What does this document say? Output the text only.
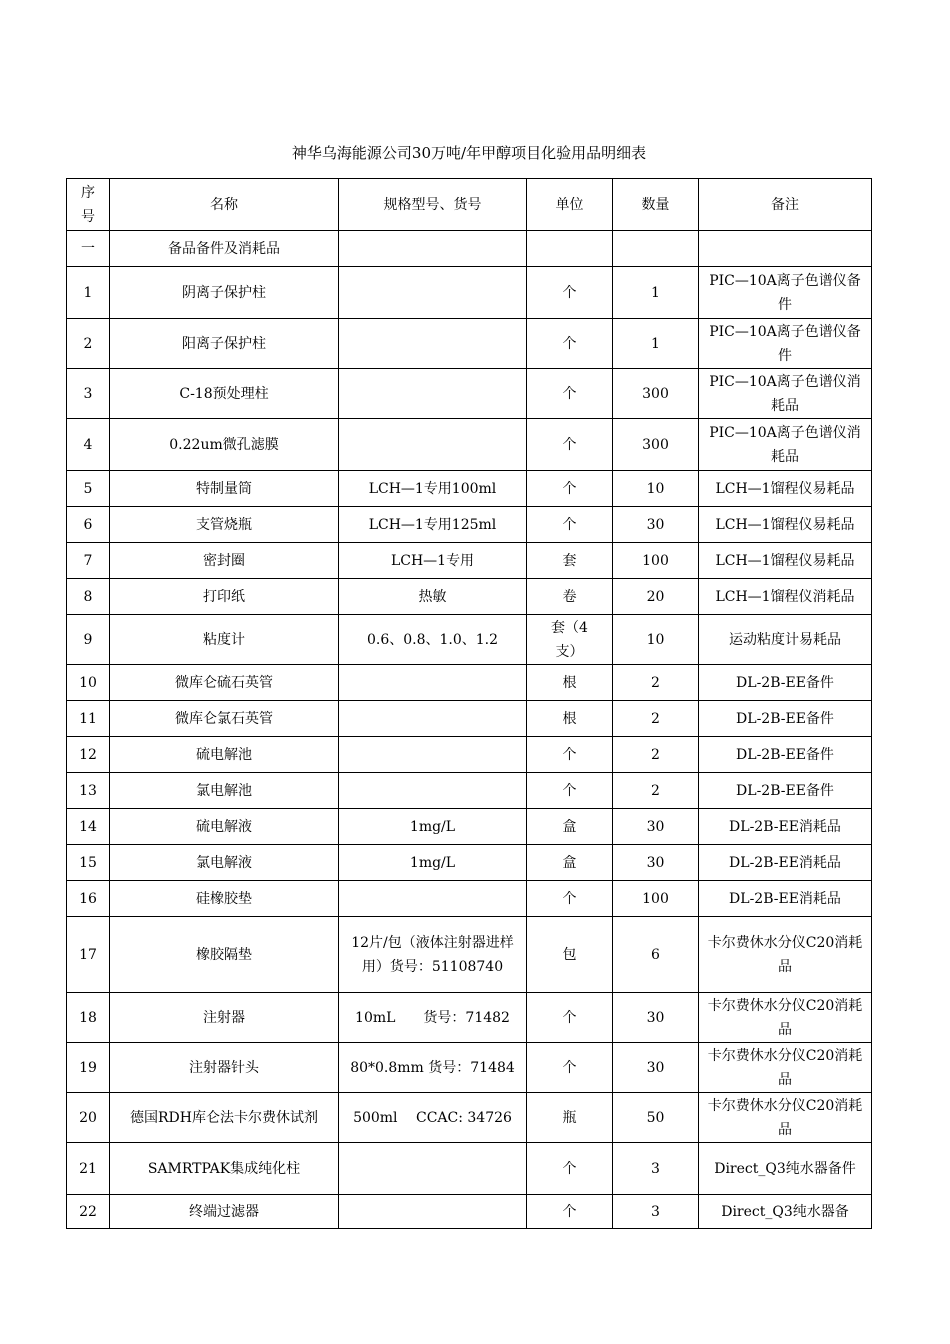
神华乌海能源公司30万吨/年甲醇项目化验用品明细表
序号	名称	规格型号、货号	单位	数量	备注
一	备品备件及消耗品				
1	阴离子保护柱		个	1	PIC—10A离子色谱仪备件
2	阳离子保护柱		个	1	PIC—10A离子色谱仪备件
3	C-18预处理柱		个	300	PIC—10A离子色谱仪消耗品
4	0.22um微孔滤膜		个	300	PIC—10A离子色谱仪消耗品
5	特制量筒	LCH—1专用100ml	个	10	LCH—1馏程仪易耗品
6	支管烧瓶	LCH—1专用125ml	个	30	LCH—1馏程仪易耗品
7	密封圈	LCH—1专用	套	100	LCH—1馏程仪易耗品
8	打印纸	热敏	卷	20	LCH—1馏程仪消耗品
9	粘度计	0.6、0.8、1.0、1.2	套（4支）	10	运动粘度计易耗品
10	微库仑硫石英管		根	2	DL-2B-EE备件
11	微库仑氯石英管		根	2	DL-2B-EE备件
12	硫电解池		个	2	DL-2B-EE备件
13	氯电解池		个	2	DL-2B-EE备件
14	硫电解液	1mg/L	盒	30	DL-2B-EE消耗品
15	氯电解液	1mg/L	盒	30	DL-2B-EE消耗品
16	硅橡胶垫		个	100	DL-2B-EE消耗品
17	橡胶隔垫	12片/包（液体注射器进样用）货号：51108740	包	6	卡尔费休水分仪C20消耗品
18	注射器	10mL　　货号：71482	个	30	卡尔费休水分仪C20消耗品
19	注射器针头	80*0.8mm 货号：71484	个	30	卡尔费休水分仪C20消耗品
20	德国RDH库仑法卡尔费休试剂	500ml　 CCAC: 34726	瓶	50	卡尔费休水分仪C20消耗品
21	SAMRTPAK集成纯化柱		个	3	Direct_Q3纯水器备件
22	终端过滤器		个	3	Direct_Q3纯水器备
